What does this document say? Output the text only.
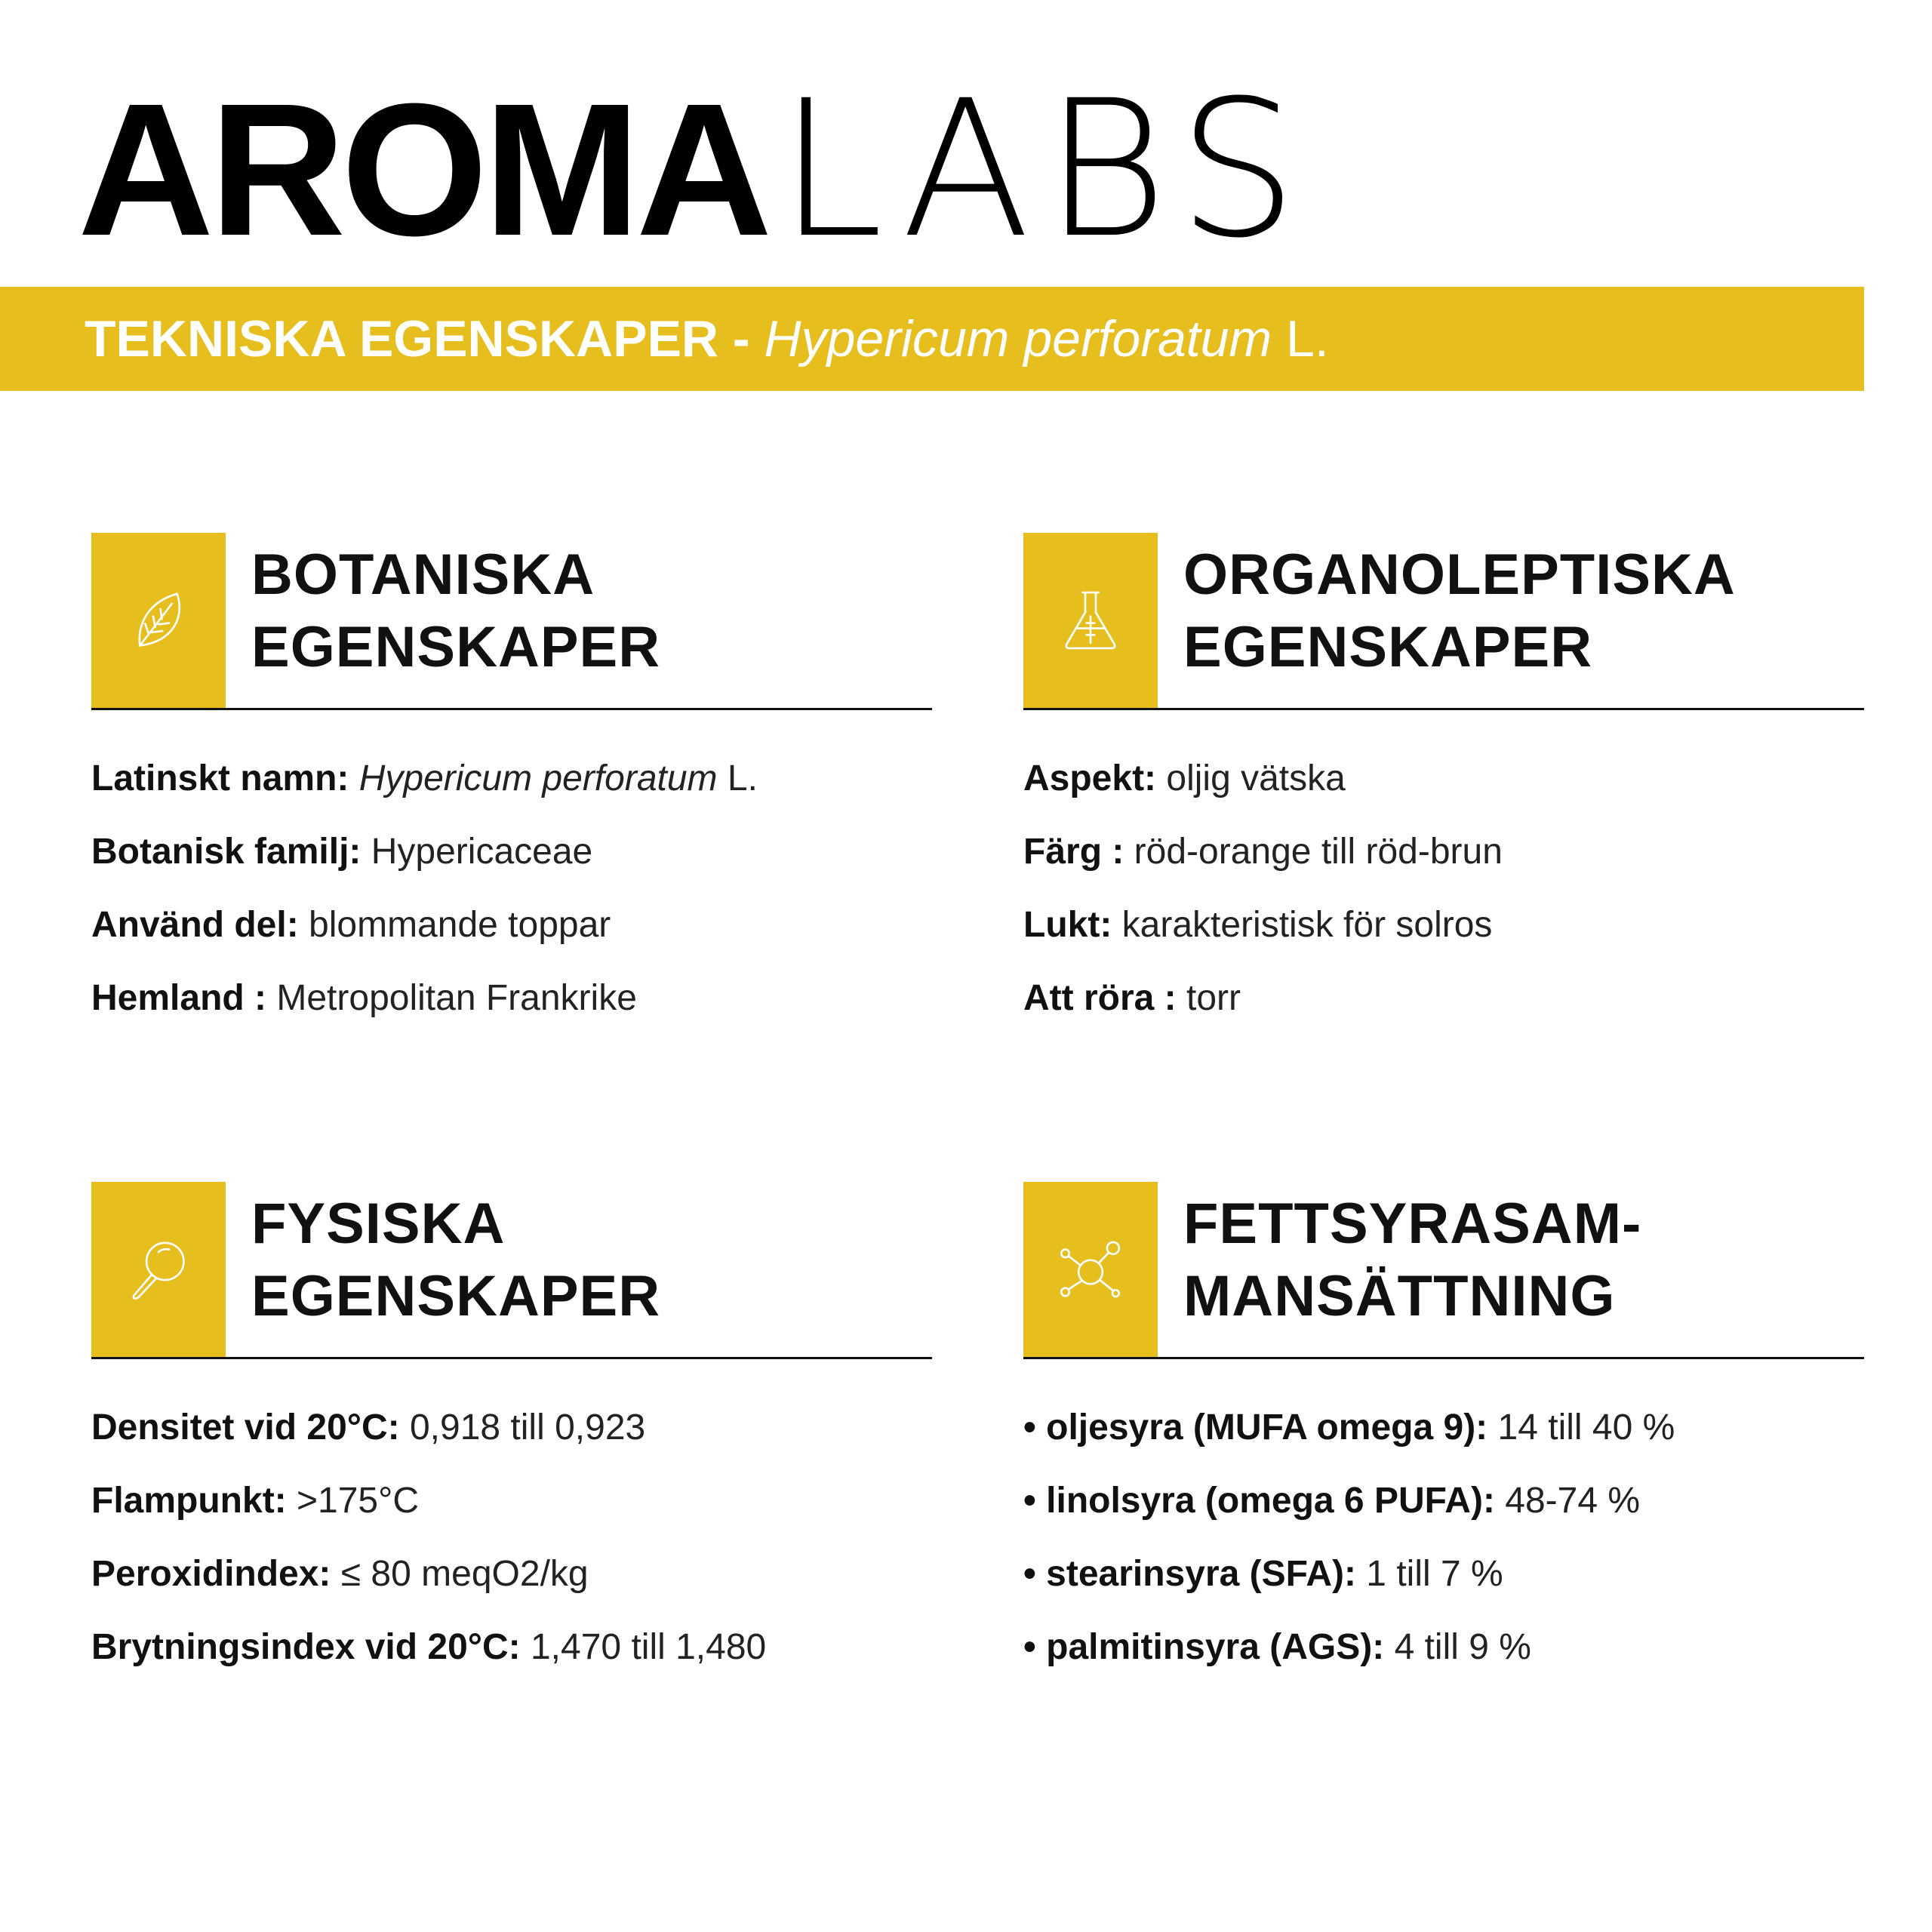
AROMALABS
TEKNISKA EGENSKAPER - Hypericum perforatum L.
BOTANISKA
EGENSKAPER
Latinskt namn: Hypericum perforatum L.
Botanisk familj: Hypericaceae
Använd del: blommande toppar
Hemland : Metropolitan Frankrike
ORGANOLEPTISKA
EGENSKAPER
Aspekt: oljig vätska
Färg : röd-orange till röd-brun
Lukt: karakteristisk för solros
Att röra : torr
FYSISKA
EGENSKAPER
Densitet vid 20°C: 0,918 till 0,923
Flampunkt: >175°C
Peroxidindex: ≤ 80 meqO2/kg
Brytningsindex vid 20°C: 1,470 till 1,480
FETTSYRASAM-
MANSÄTTNING
• oljesyra (MUFA omega 9): 14 till 40 %
• linolsyra (omega 6 PUFA): 48-74 %
• stearinsyra (SFA): 1 till 7 %
• palmitinsyra (AGS): 4 till 9 %
